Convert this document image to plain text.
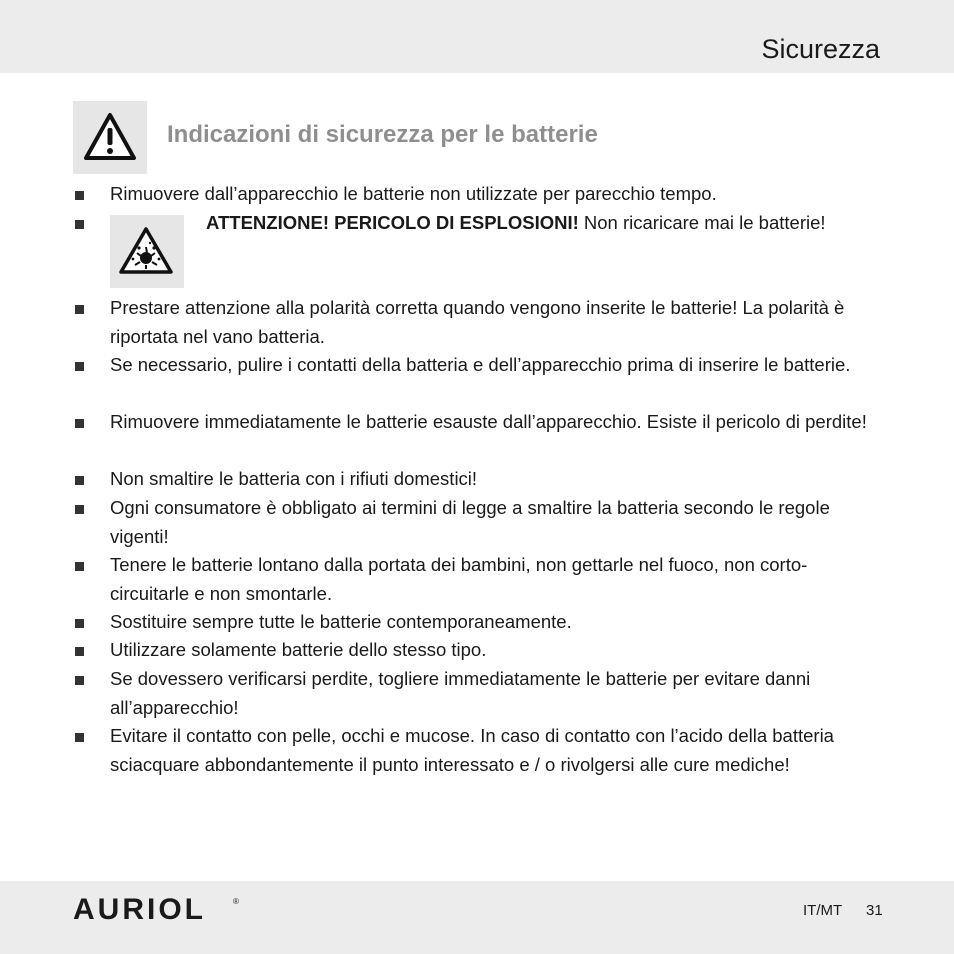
Sicurezza
Indicazioni di sicurezza per le batterie
Rimuovere dall’apparecchio le batterie non utilizzate per parecchio tempo.
ATTENZIONE! PERICOLO DI ESPLOSIONI! Non ricaricare mai le batterie!
Prestare attenzione alla polarità corretta quando vengono inserite le batterie! La polarità è riportata nel vano batteria.
Se necessario, pulire i contatti della batteria e dell’apparecchio prima di inserire le batterie.
Rimuovere immediatamente le batterie esauste dall’apparecchio. Esiste il pericolo di perdite!
Non smaltire le batteria con i rifiuti domestici!
Ogni consumatore è obbligato ai termini di legge a smaltire la batteria secondo le regole vigenti!
Tenere le batterie lontano dalla portata dei bambini, non gettarle nel fuoco, non corto-circuitarle e non smontarle.
Sostituire sempre tutte le batterie contemporaneamente.
Utilizzare solamente batterie dello stesso tipo.
Se dovessero verificarsi perdite, togliere immediatamente le batterie per evitare danni all’apparecchio!
Evitare il contatto con pelle, occhi e mucose. In caso di contatto con l’acido della batteria sciacquare abbondantemente il punto interessato e / o rivolgersi alle cure mediche!
AURIOL	®
IT/MT 31
